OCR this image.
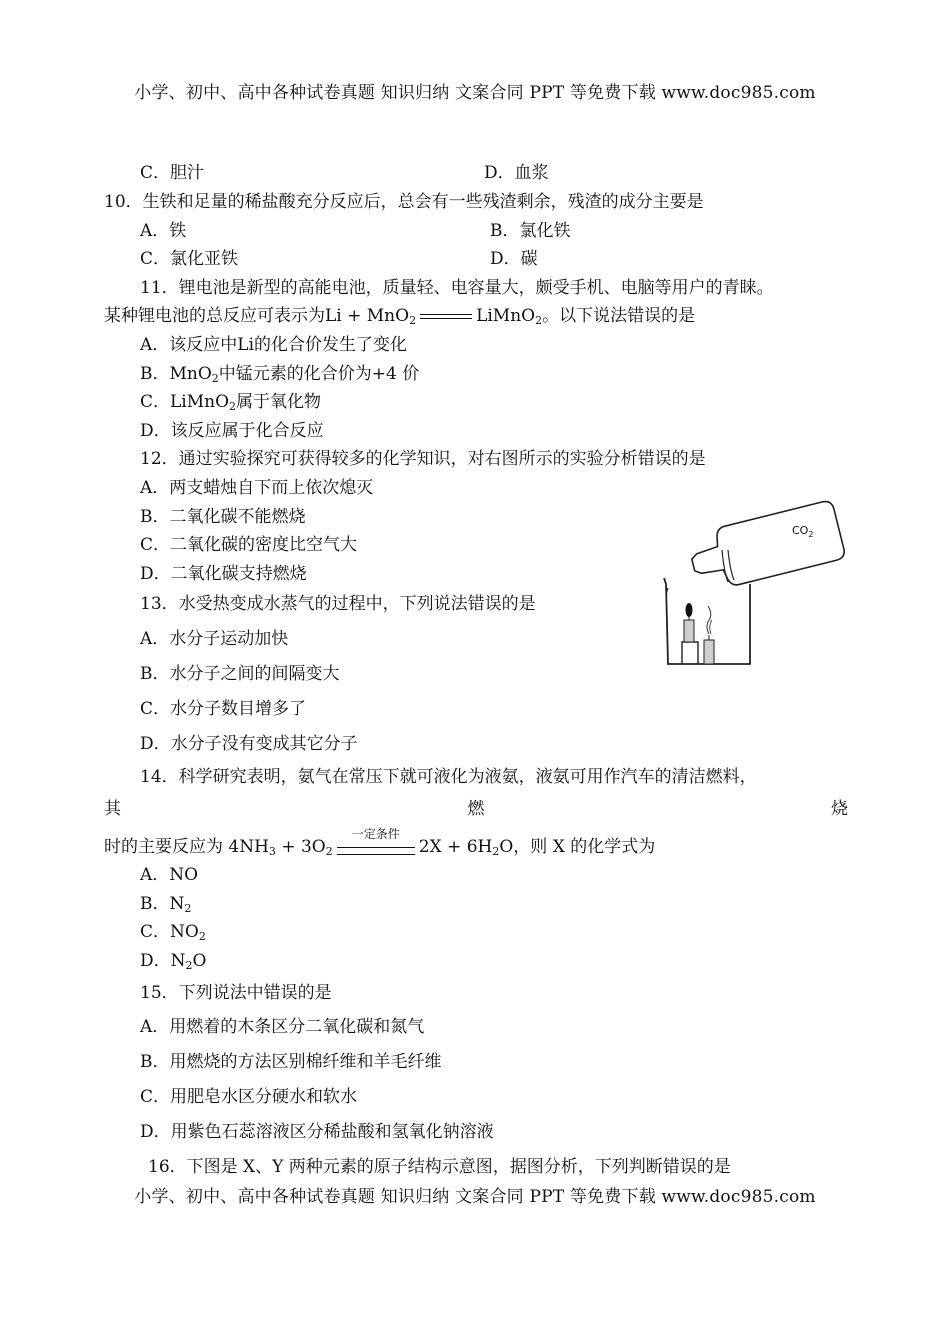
小学、初中、高中各种试卷真题 知识归纳 文案合同 PPT 等免费下载 www.doc985.com
C．胆汁	D．血浆
10．生铁和足量的稀盐酸充分反应后，总会有一些残渣剩余，残渣的成分主要是
A．铁	B．氯化铁
C．氯化亚铁	D．碳
11．锂电池是新型的高能电池，质量轻、电容量大，颇受手机、电脑等用户的青睐。
某种锂电池的总反应可表示为Li + MnO$_2$	LiMnO$_2$。以下说法错误的是
A．该反应中Li的化合价发生了变化
B．MnO$_2$中锰元素的化合价为+4 价
C．LiMnO$_2$属于氧化物
D．该反应属于化合反应
12．通过实验探究可获得较多的化学知识，对右图所示的实验分析错误的是
A．两支蜡烛自下而上依次熄灭
B．二氧化碳不能燃烧
C．二氧化碳的密度比空气大
D．二氧化碳支持燃烧
$CO_2$
13．水受热变成水蒸气的过程中，下列说法错误的是
A．水分子运动加快
B．水分子之间的间隔变大
C．水分子数目增多了
D．水分子没有变成其它分子
14．科学研究表明，氨气在常压下就可液化为液氨，液氨可用作汽车的清洁燃料，
其	燃	烧
时的主要反应为 $4NH_3 + 3O_2$
一定条件
$2X + 6H_2O$，则 X 的化学式为
A．NO
B．$N_2$
C．$NO_2$
D．$N_2O$
15．下列说法中错误的是
A．用燃着的木条区分二氧化碳和氮气
B．用燃烧的方法区别棉纤维和羊毛纤维
C．用肥皂水区分硬水和软水
D．用紫色石蕊溶液区分稀盐酸和氢氧化钠溶液
16．下图是 X、Y 两种元素的原子结构示意图，据图分析，下列判断错误的是
小学、初中、高中各种试卷真题 知识归纳 文案合同 PPT 等免费下载 www.doc985.com
